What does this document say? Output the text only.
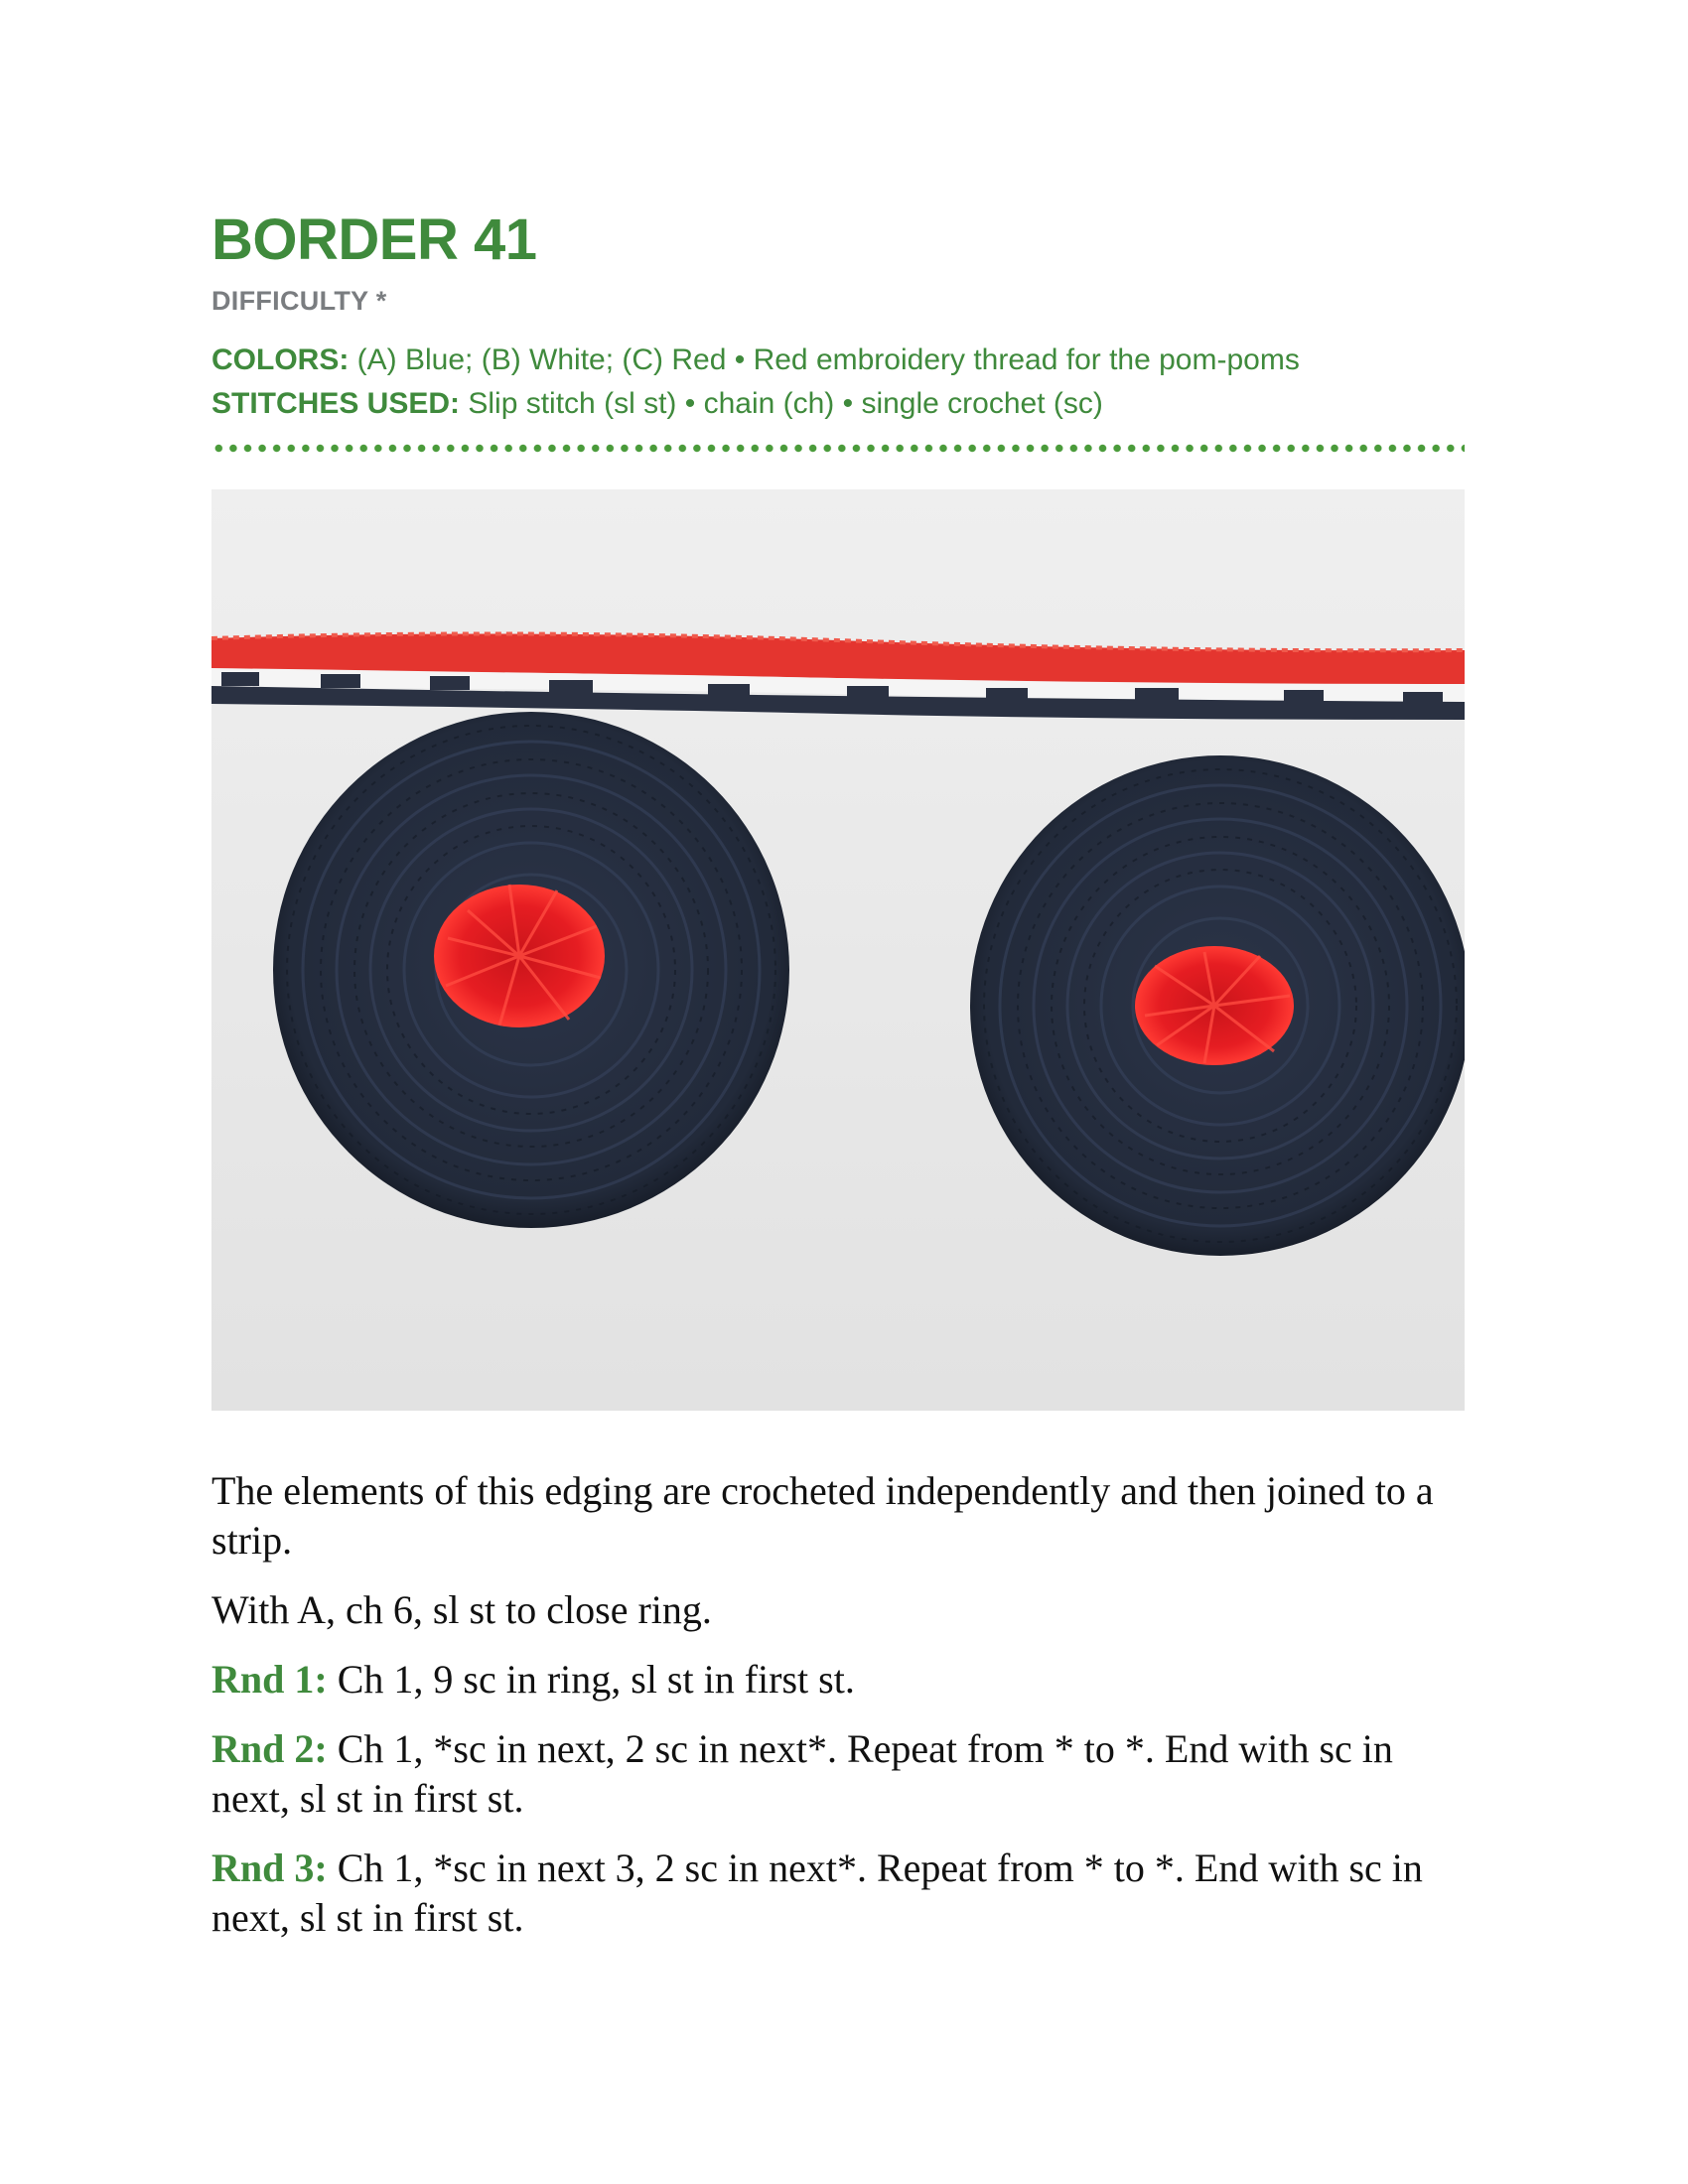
BORDER 41
DIFFICULTY *
COLORS: (A) Blue; (B) White; (C) Red • Red embroidery thread for the pom-poms
STITCHES USED: Slip stitch (sl st) • chain (ch) • single crochet (sc)

The elements of this edging are crocheted independently and then joined to a strip.

With A, ch 6, sl st to close ring.

Rnd 1: Ch 1, 9 sc in ring, sl st in first st.

Rnd 2: Ch 1, *sc in next, 2 sc in next*. Repeat from * to *. End with sc in next, sl st in first st.

Rnd 3: Ch 1, *sc in next 3, 2 sc in next*. Repeat from * to *. End with sc in next, sl st in first st.
